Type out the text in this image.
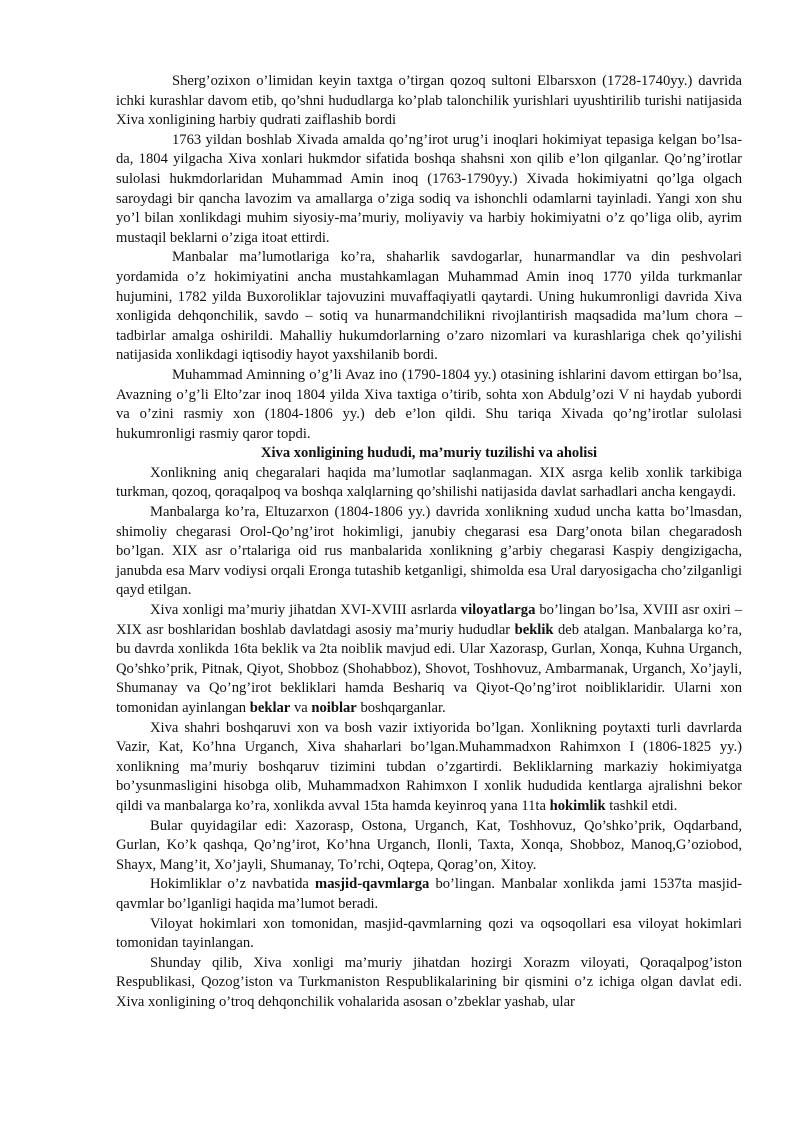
Sherg’ozixon o’limidan keyin taxtga o’tirgan qozoq sultoni Elbarsxon (1728-1740yy.) davrida ichki kurashlar davom etib, qo’shni hududlarga ko’plab talonchilik yurishlari uyushtirilib turishi natijasida Xiva xonligining harbiy qudrati zaiflashib bordi

1763 yildan boshlab Xivada amalda qo’ng’irot urug’i inoqlari hokimiyat tepasiga kelgan bo’lsa-da, 1804 yilgacha Xiva xonlari hukmdor sifatida boshqa shahsni xon qilib e’lon qilganlar. Qo’ng’irotlar sulolasi hukmdorlaridan Muhammad Amin inoq (1763-1790yy.) Xivada hokimiyatni qo’lga olgach saroydagi bir qancha lavozim va amallarga o’ziga sodiq va ishonchli odamlarni tayinladi. Yangi xon shu yo’l bilan xonlikdagi muhim siyosiy-ma’muriy, moliyaviy va harbiy hokimiyatni o’z qo’liga olib, ayrim mustaqil beklarni o’ziga itoat ettirdi.

Manbalar ma’lumotlariga ko’ra, shaharlik savdogarlar, hunarmandlar va din peshvolari yordamida o’z hokimiyatini ancha mustahkamlagan Muhammad Amin inoq 1770 yilda turkmanlar hujumini, 1782 yilda Buxoroliklar tajovuzini muvaffaqiyatli qaytardi. Uning hukumronligi davrida Xiva xonligida dehqonchilik, savdo – sotiq va hunarmandchilikni rivojlantirish maqsadida ma’lum chora – tadbirlar amalga oshirildi. Mahalliy hukumdorlarning o’zaro nizomlari va kurashlariga chek qo’yilishi natijasida xonlikdagi iqtisodiy hayot yaxshilanib bordi.

Muhammad Aminning o’g’li Avaz ino (1790-1804 yy.) otasining ishlarini davom ettirgan bo’lsa, Avazning o’g’li Elto’zar inoq 1804 yilda Xiva taxtiga o’tirib, sohta xon Abdulg’ozi V ni haydab yubordi va o’zini rasmiy xon (1804-1806 yy.) deb e’lon qildi. Shu tariqa Xivada qo’ng’irotlar sulolasi hukumronligi rasmiy qaror topdi.

Xiva xonligining hududi, ma’muriy tuzilishi va aholisi

Xonlikning aniq chegaralari haqida ma’lumotlar saqlanmagan. XIX asrga kelib xonlik tarkibiga turkman, qozoq, qoraqalpoq va boshqa xalqlarning qo’shilishi natijasida davlat sarhadlari ancha kengaydi.

Manbalarga ko’ra, Eltuzarxon (1804-1806 yy.) davrida xonlikning xudud uncha katta bo’lmasdan, shimoliy chegarasi Orol-Qo’ng’irot hokimligi, janubiy chegarasi esa Darg’onota bilan chegaradosh bo’lgan. XIX asr o’rtalariga oid rus manbalarida xonlikning g’arbiy chegarasi Kaspiy dengizigacha, janubda esa Marv vodiysi orqali Eronga tutashib ketganligi, shimolda esa Ural daryosigacha cho’zilganligi qayd etilgan.

Xiva xonligi ma’muriy jihatdan XVI-XVIII asrlarda viloyatlarga bo’lingan bo’lsa, XVIII asr oxiri – XIX asr boshlaridan boshlab davlatdagi asosiy ma’muriy hududlar beklik deb atalgan. Manbalarga ko’ra, bu davrda xonlikda 16ta beklik va 2ta noiblik mavjud edi. Ular Xazorasp, Gurlan, Xonqa, Kuhna Urganch, Qo’shko’prik, Pitnak, Qiyot, Shobboz (Shohabboz), Shovot, Toshhovuz, Ambarmanak, Urganch, Xo’jayli, Shumanay va Qo’ng’irot bekliklari hamda Beshariq va Qiyot-Qo’ng’irot noibliklaridir. Ularni xon tomonidan ayinlangan beklar va noiblar boshqarganlar.

Xiva shahri boshqaruvi xon va bosh vazir ixtiyorida bo’lgan. Xonlikning poytaxti turli davrlarda Vazir, Kat, Ko’hna Urganch, Xiva shaharlari bo’lgan.Muhammadxon Rahimxon I (1806-1825 yy.) xonlikning ma’muriy boshqaruv tizimini tubdan o’zgartirdi. Bekliklarning markaziy hokimiyatga bo’ysunmasligini hisobga olib, Muhammadxon Rahimxon I xonlik hududida kentlarga ajralishni bekor qildi va manbalarga ko’ra, xonlikda avval 15ta hamda keyinroq yana 11ta hokimlik tashkil etdi.

Bular quyidagilar edi: Xazorasp, Ostona, Urganch, Kat, Toshhovuz, Qo’shko’prik, Oqdarband, Gurlan, Ko’k qashqa, Qo’ng’irot, Ko’hna Urganch, Ilonli, Taxta, Xonqa, Shobboz, Manoq,G’oziobod, Shayx, Mang’it, Xo’jayli, Shumanay, To’rchi, Oqtepa, Qorag’on, Xitoy.

Hokimliklar o’z navbatida masjid-qavmlarga bo’lingan. Manbalar xonlikda jami 1537ta masjid-qavmlar bo’lganligi haqida ma’lumot beradi.

Viloyat hokimlari xon tomonidan, masjid-qavmlarning qozi va oqsoqollari esa viloyat hokimlari tomonidan tayinlangan.

Shunday qilib, Xiva xonligi ma’muriy jihatdan hozirgi Xorazm viloyati, Qoraqalpog’iston Respublikasi, Qozog’iston va Turkmaniston Respublikalarining bir qismini o’z ichiga olgan davlat edi. Xiva xonligining o’troq dehqonchilik vohalarida asosan o’zbeklar yashab, ular
